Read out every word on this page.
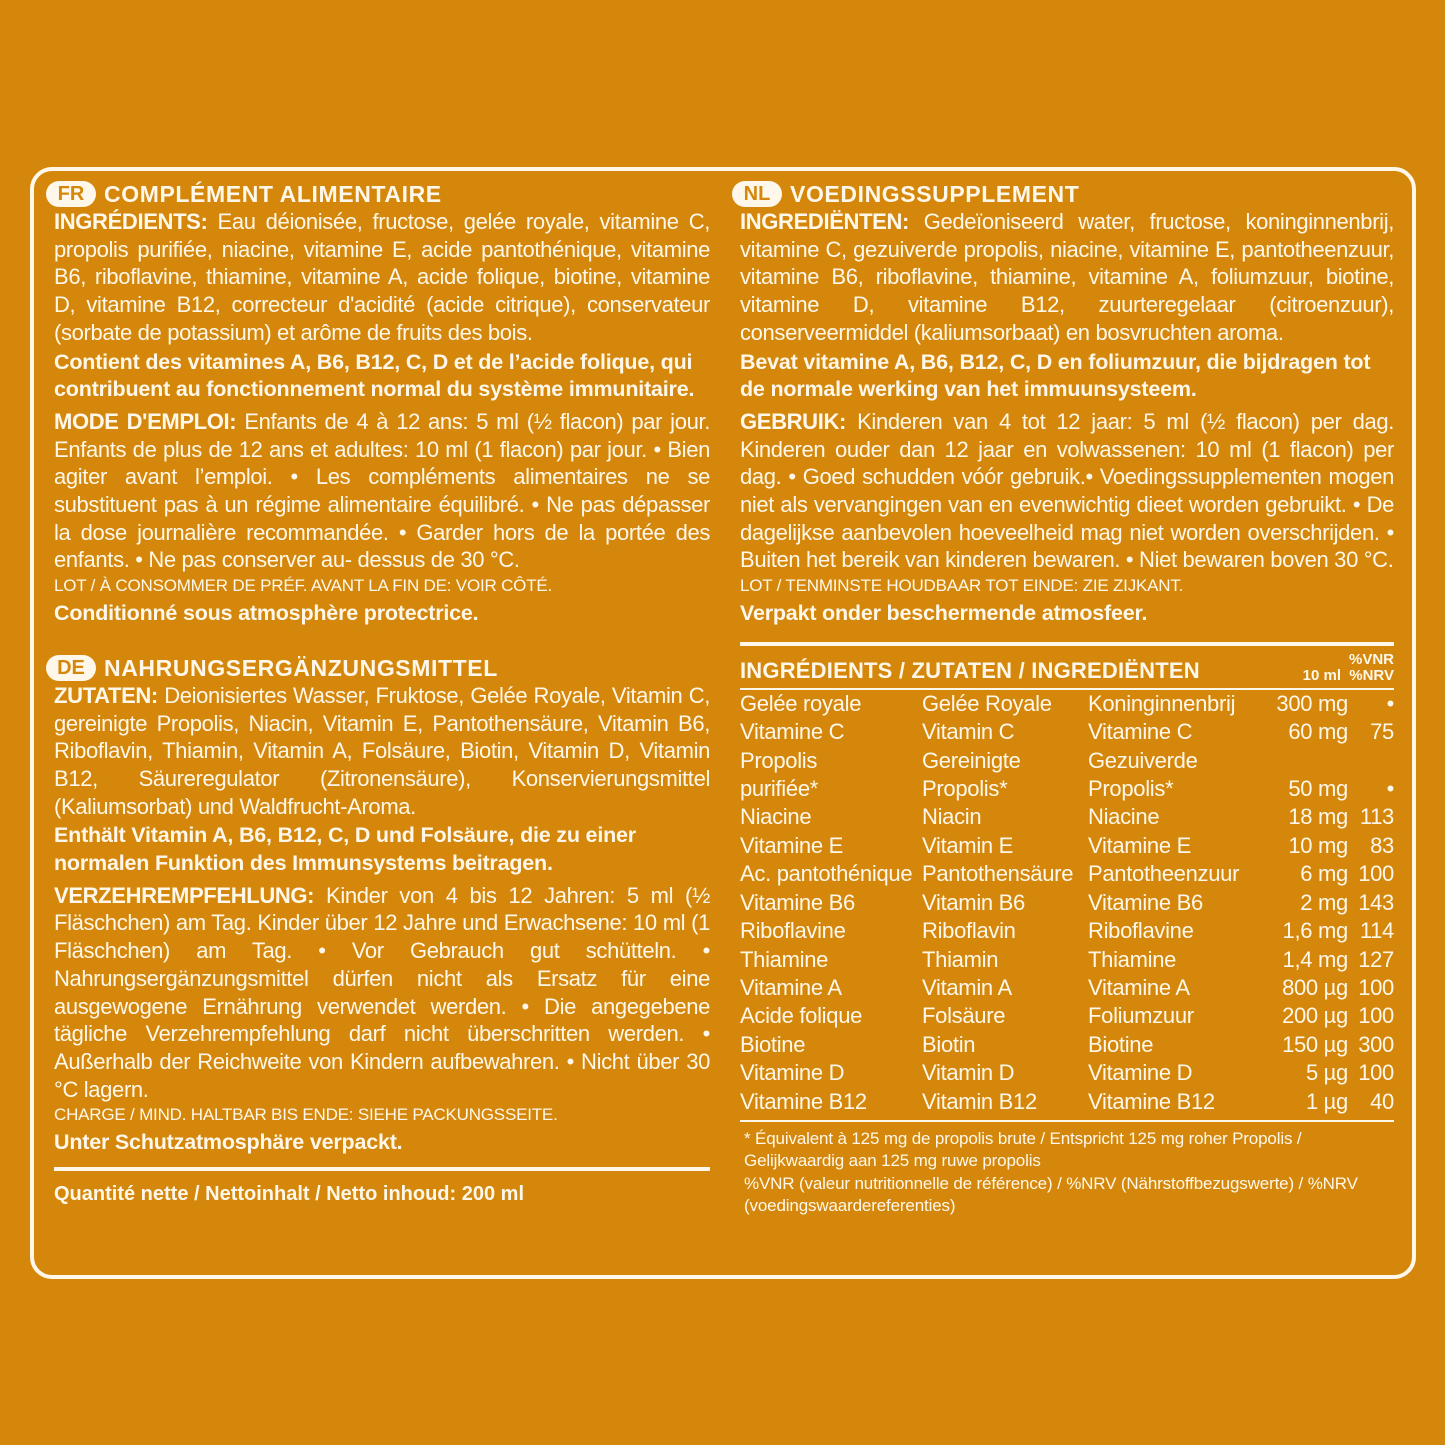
FR COMPLÉMENT ALIMENTAIRE

INGRÉDIENTS: Eau déionisée, fructose, gelée royale, vitamine C, propolis purifiée, niacine, vitamine E, acide pantothénique, vitamine B6, riboflavine, thiamine, vitamine A, acide folique, biotine, vitamine D, vitamine B12, correcteur d'acidité (acide citrique), conservateur (sorbate de potassium) et arôme de fruits des bois.

Contient des vitamines A, B6, B12, C, D et de l’acide folique, qui contribuent au fonctionnement normal du système immunitaire.

MODE D'EMPLOI: Enfants de 4 à 12 ans: 5 ml (½ flacon) par jour. Enfants de plus de 12 ans et adultes: 10 ml (1 flacon) par jour. • Bien agiter avant l’emploi. • Les compléments alimentaires ne se substituent pas à un régime alimentaire équilibré. • Ne pas dépasser la dose journalière recommandée. • Garder hors de la portée des enfants. • Ne pas conserver au- dessus de 30 °C.

LOT / À CONSOMMER DE PRÉF. AVANT LA FIN DE: VOIR CÔTÉ.

Conditionné sous atmosphère protectrice.

DE NAHRUNGSERGÄNZUNGSMITTEL

ZUTATEN: Deionisiertes Wasser, Fruktose, Gelée Royale, Vitamin C, gereinigte Propolis, Niacin, Vitamin E, Pantothensäure, Vitamin B6, Riboflavin, Thiamin, Vitamin A, Folsäure, Biotin, Vitamin D, Vitamin B12, Säureregulator (Zitronensäure), Konservierungsmittel (Kaliumsorbat) und Waldfrucht-Aroma.

Enthält Vitamin A, B6, B12, C, D und Folsäure, die zu einer normalen Funktion des Immunsystems beitragen.

VERZEHREMPFEHLUNG: Kinder von 4 bis 12 Jahren: 5 ml (½ Fläschchen) am Tag. Kinder über 12 Jahre und Erwachsene: 10 ml (1 Fläschchen) am Tag. • Vor Gebrauch gut schütteln. • Nahrungsergänzungsmittel dürfen nicht als Ersatz für eine ausgewogene Ernährung verwendet werden. • Die angegebene tägliche Verzehrempfehlung darf nicht überschritten werden. • Außerhalb der Reichweite von Kindern aufbewahren. • Nicht über 30 °C lagern.

CHARGE / MIND. HALTBAR BIS ENDE: SIEHE PACKUNGSSEITE.

Unter Schutzatmosphäre verpackt.

Quantité nette / Nettoinhalt / Netto inhoud: 200 ml

NL VOEDINGSSUPPLEMENT

INGREDIËNTEN: Gedeïoniseerd water, fructose, koninginnenbrij, vitamine C, gezuiverde propolis, niacine, vitamine E, pantotheenzuur, vitamine B6, riboflavine, thiamine, vitamine A, foliumzuur, biotine, vitamine D, vitamine B12, zuurteregelaar (citroenzuur), conserveermiddel (kaliumsorbaat) en bosvruchten aroma.

Bevat vitamine A, B6, B12, C, D en foliumzuur, die bijdragen tot de normale werking van het immuunsysteem.

GEBRUIK: Kinderen van 4 tot 12 jaar: 5 ml (½ flacon) per dag. Kinderen ouder dan 12 jaar en volwassenen: 10 ml (1 flacon) per dag. • Goed schudden vóór gebruik.• Voedingssupplementen mogen niet als vervangingen van en evenwichtig dieet worden gebruikt. • De dagelijkse aanbevolen hoeveelheid mag niet worden overschrijden. • Buiten het bereik van kinderen bewaren. • Niet bewaren boven 30 °C.

LOT / TENMINSTE HOUDBAAR TOT EINDE: ZIE ZIJKANT.

Verpakt onder beschermende atmosfeer.

INGRÉDIENTS / ZUTATEN / INGREDIËNTEN	10 ml
%VNR
%NRV
Gelée royale	Gelée Royale	Koninginnenbrij	300 mg	•
Vitamine C	Vitamin C	Vitamine C	60 mg	75
Propolis	Gereinigte	Gezuiverde		
purifiée*	Propolis*	Propolis*	50 mg	•
Niacine	Niacin	Niacine	18 mg	113
Vitamine E	Vitamin E	Vitamine E	10 mg	83
Ac. pantothénique	Pantothensäure	Pantotheenzuur	6 mg	100
Vitamine B6	Vitamin B6	Vitamine B6	2 mg	143
Riboflavine	Riboflavin	Riboflavine	1,6 mg	114
Thiamine	Thiamin	Thiamine	1,4 mg	127
Vitamine A	Vitamin A	Vitamine A	800 µg	100
Acide folique	Folsäure	Foliumzuur	200 µg	100
Biotine	Biotin	Biotine	150 µg	300
Vitamine D	Vitamin D	Vitamine D	5 µg	100
Vitamine B12	Vitamin B12	Vitamine B12	1 µg	40

* Équivalent à 125 mg de propolis brute / Entspricht 125 mg roher Propolis / Gelijkwaardig aan 125 mg ruwe propolis

%VNR (valeur nutritionnelle de référence) / %NRV (Nährstoffbezugswerte) / %NRV (voedingswaardereferenties)
